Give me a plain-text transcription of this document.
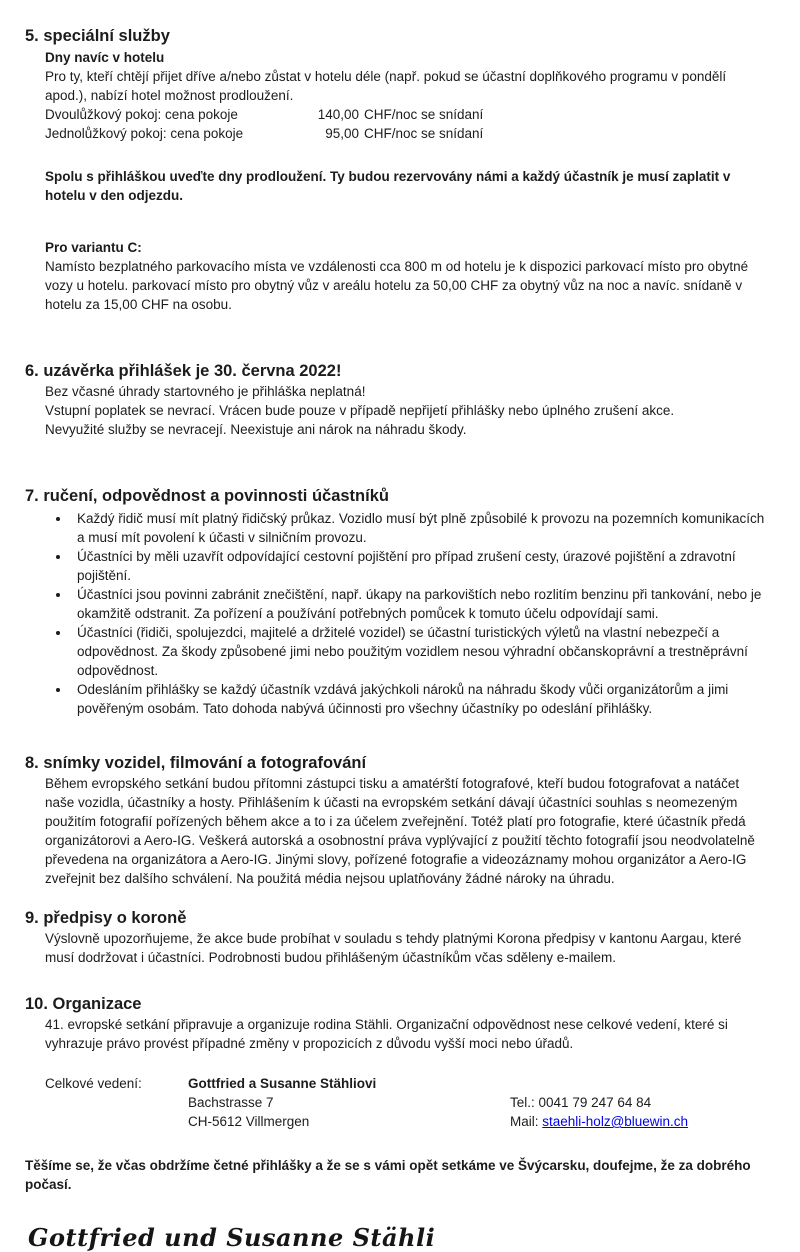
5. speciální služby
Dny navíc v hotelu

Pro ty, kteří chtějí přijet dříve a/nebo zůstat v hotelu déle (např. pokud se účastní doplňkového programu v pondělí apod.), nabízí hotel možnost prodloužení.

Dvoulůžkový pokoj: cena pokoje	140,00 CHF/noc se snídaní
Jednolůžkový pokoj: cena pokoje	95,00 CHF/noc se snídaní

Spolu s přihláškou uveďte dny prodloužení. Ty budou rezervovány námi a každý účastník je musí zaplatit v hotelu v den odjezdu.

Pro variantu C:

Namísto bezplatného parkovacího místa ve vzdálenosti cca 800 m od hotelu je k dispozici parkovací místo pro obytné vozy u hotelu. parkovací místo pro obytný vůz v areálu hotelu za 50,00 CHF za obytný vůz na noc a navíc. snídaně v hotelu za 15,00 CHF na osobu.

6. uzávěrka přihlášek je 30. června 2022!
Bez včasné úhrady startovného je přihláška neplatná!
Vstupní poplatek se nevrací. Vrácen bude pouze v případě nepřijetí přihlášky nebo úplného zrušení akce.
Nevyužité služby se nevracejí. Neexistuje ani nárok na náhradu škody.
7. ručení, odpovědnost a povinnosti účastníků
• Každý řidič musí mít platný řidičský průkaz. Vozidlo musí být plně způsobilé k provozu na pozemních komunikacích a musí mít povolení k účasti v silničním provozu.
• Účastníci by měli uzavřít odpovídající cestovní pojištění pro případ zrušení cesty, úrazové pojištění a zdravotní pojištění.
• Účastníci jsou povinni zabránit znečištění, např. úkapy na parkovištích nebo rozlitím benzinu při tankování, nebo je okamžitě odstranit. Za pořízení a používání potřebných pomůcek k tomuto účelu odpovídají sami.
• Účastníci (řidiči, spolujezdci, majitelé a držitelé vozidel) se účastní turistických výletů na vlastní nebezpečí a odpovědnost. Za škody způsobené jimi nebo použitým vozidlem nesou výhradní občanskoprávní a trestněprávní odpovědnost.
• Odesláním přihlášky se každý účastník vzdává jakýchkoli nároků na náhradu škody vůči organizátorům a jimi pověřeným osobám. Tato dohoda nabývá účinnosti pro všechny účastníky po odeslání přihlášky.
8. snímky vozidel, filmování a fotografování

Během evropského setkání budou přítomni zástupci tisku a amatérští fotografové, kteří budou fotografovat a natáčet naše vozidla, účastníky a hosty. Přihlášením k účasti na evropském setkání dávají účastníci souhlas s neomezeným použitím fotografií pořízených během akce a to i za účelem zveřejnění. Totéž platí pro fotografie, které účastník předá organizátorovi a Aero-IG. Veškerá autorská a osobnostní práva vyplývající z použití těchto fotografií jsou neodvolatelně převedena na organizátora a Aero-IG. Jinými slovy, pořízené fotografie a videozáznamy mohou organizátor a Aero-IG zveřejnit bez dalšího schválení. Na použitá média nejsou uplatňovány žádné nároky na úhradu.

9. předpisy o koroně

Výslovně upozorňujeme, že akce bude probíhat v souladu s tehdy platnými Korona předpisy v kantonu Aargau, které musí dodržovat i účastníci. Podrobnosti budou přihlášeným účastníkům včas sděleny e-mailem.

10. Organizace

41. evropské setkání připravuje a organizuje rodina Stähli. Organizační odpovědnost nese celkové vedení, které si vyhrazuje právo provést případné změny v propozicích z důvodu vyšší moci nebo úřadů.

Celkové vedení:	Gottfried a Susanne Stähliovi
Bachstrasse 7
CH-5612 Villmergen
Tel.: 0041 79 247 64 84
Mail: staehli-holz@bluewin.ch

Těšíme se, že včas obdržíme četné přihlášky a že se s vámi opět setkáme ve Švýcarsku, doufejme, že za dobrého počasí.

Gottfried und Susanne Stähli
